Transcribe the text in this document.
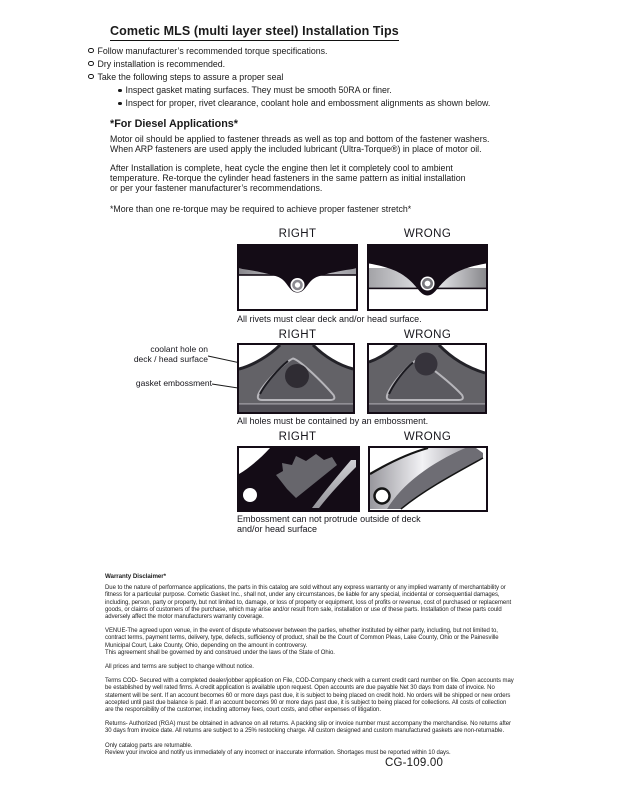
Cometic MLS (multi layer steel) Installation Tips
Follow manufacturer’s recommended torque specifications.
Dry installation is recommended.
Take the following steps to assure a proper seal
Inspect gasket mating surfaces. They must be smooth 50RA or finer.
Inspect for proper, rivet clearance, coolant hole and embossment alignments as shown below.
*For Diesel Applications*
Motor oil should be applied to fastener threads as well as top and bottom of the fastener washers.
When ARP fasteners are used apply the included lubricant (Ultra-Torque®) in place of motor oil.
After Installation is complete, heat cycle the engine then let it completely cool to ambient
temperature. Re-torque the cylinder head fasteners in the same pattern as initial installation
or per your fastener manufacturer’s recommendations.
*More than one re-torque may be required to achieve proper fastener stretch*
RIGHT	WRONG
All rivets must clear deck and/or head surface.
RIGHT	WRONG
coolant hole on
deck / head surface
gasket embossment
All holes must be contained by an embossment.
RIGHT	WRONG
Embossment can not protrude outside of deck
and/or head surface

Warranty Disclaimer*

Due to the nature of performance applications, the parts in this catalog are sold without any express warranty or any implied warranty of merchantability or fitness for a particular purpose. Cometic Gasket Inc., shall not, under any circumstances, be liable for any special, incidental or consequential damages, including, person, party or property, but not limited to, damage, or loss of property or equipment, loss of profits or revenue, cost of purchased or replacement goods, or claims of customers of the purchase, which may arise and/or result from sale, installation or use of these parts. Installation of these parts could adversely affect the motor manufacturers warranty coverage.

VENUE-The agreed upon venue, in the event of dispute whatsoever between the parties, whether instituted by either party, including, but not limited to, contract terms, payment terms, delivery, type, defects, sufficiency of product, shall be the Court of Common Pleas, Lake County, Ohio or the Painesville Municipal Court, Lake County, Ohio, depending on the amount in controversy.

This agreement shall be governed by and construed under the laws of the State of Ohio.

All prices and terms are subject to change without notice.

Terms COD- Secured with a completed dealer/jobber application on File, COD-Company check with a current credit card number on file. Open accounts may be established by well rated firms. A credit application is available upon request. Open accounts are due payable Net 30 days from date of invoice. No statement will be sent. If an account becomes 60 or more days past due, it is subject to being placed on credit hold. No orders will be shipped or new orders accepted until past due balance is paid. If an account becomes 90 or more days past due, it is subject to being placed for collections. All costs of collection are the responsibility of the customer, including attorney fees, court costs, and other expenses of litigation.

Returns- Authorized (RGA) must be obtained in advance on all returns. A packing slip or invoice number must accompany the merchandise. No returns after 30 days from invoice date. All returns are subject to a 25% restocking charge. All custom designed and custom manufactured gaskets are non-returnable.

Only catalog parts are returnable.

Review your invoice and notify us immediately of any incorrect or inaccurate information. Shortages must be reported within 10 days.

CG-109.00
